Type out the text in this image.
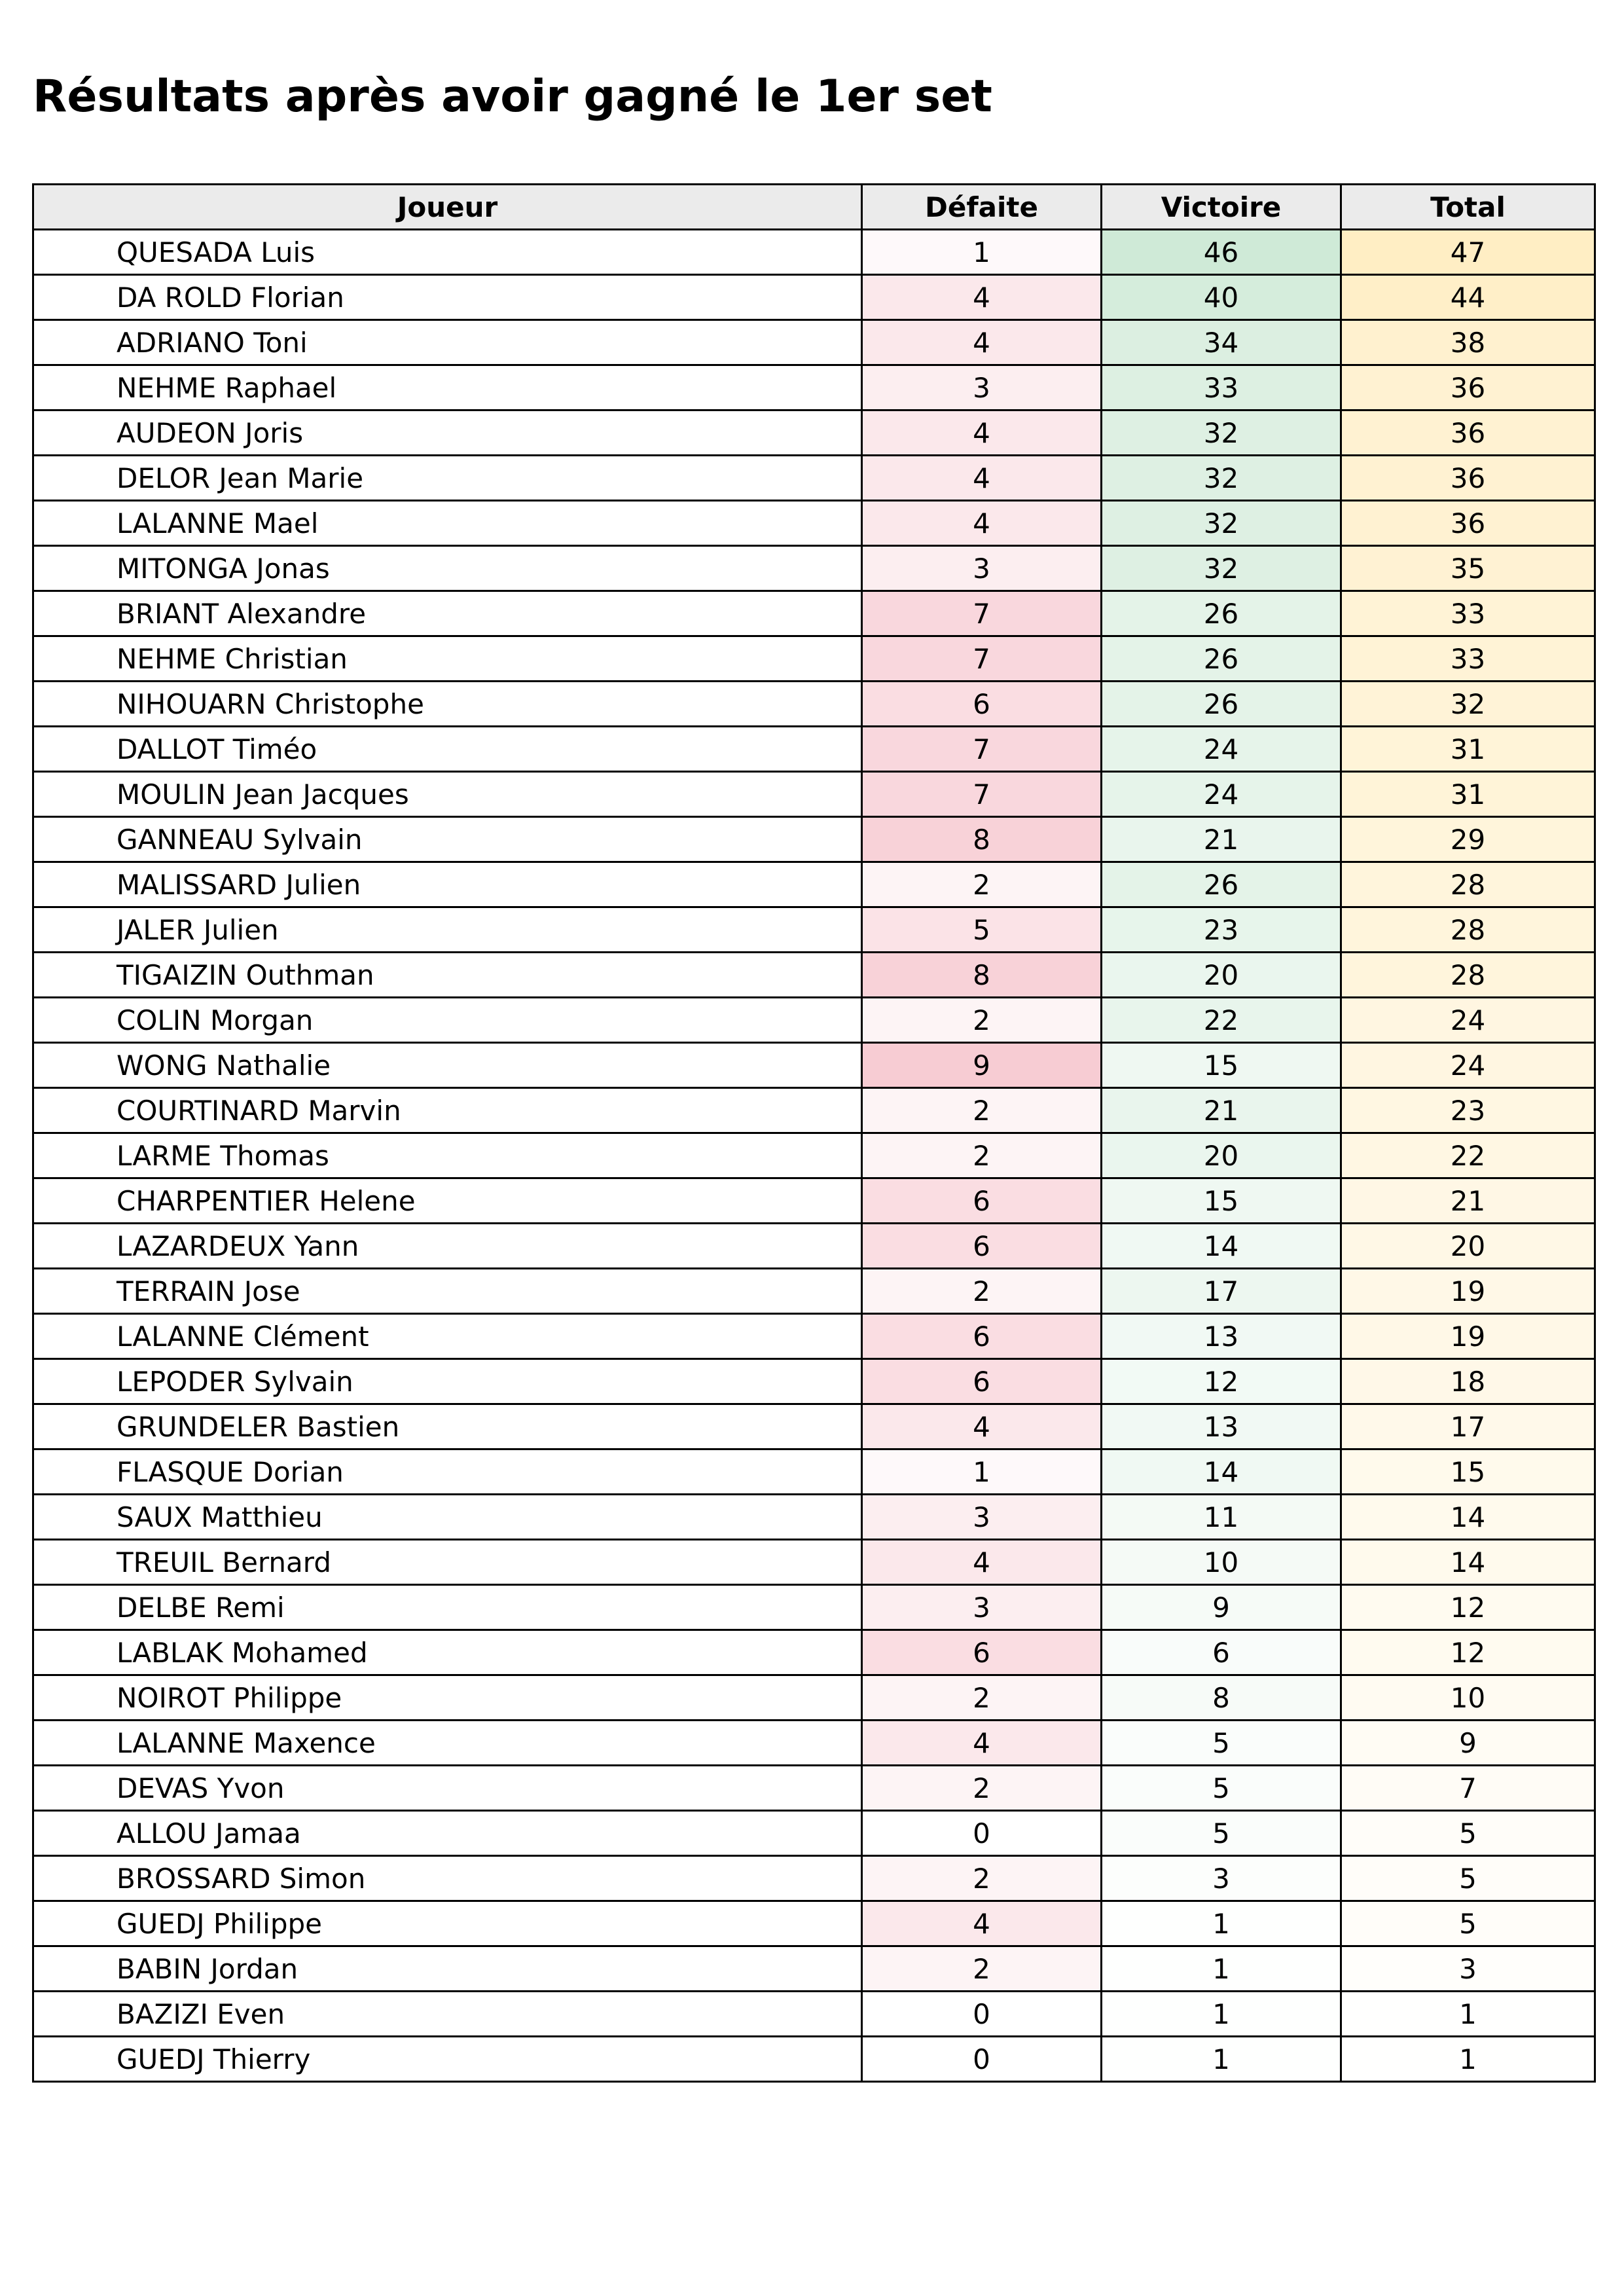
Résultats après avoir gagné le 1er set
Joueur	Défaite	Victoire	Total
QUESADA Luis	1	46	47
DA ROLD Florian	4	40	44
ADRIANO Toni	4	34	38
NEHME Raphael	3	33	36
AUDEON Joris	4	32	36
DELOR Jean Marie	4	32	36
LALANNE Mael	4	32	36
MITONGA Jonas	3	32	35
BRIANT Alexandre	7	26	33
NEHME Christian	7	26	33
NIHOUARN Christophe	6	26	32
DALLOT Timéo	7	24	31
MOULIN Jean Jacques	7	24	31
GANNEAU Sylvain	8	21	29
MALISSARD Julien	2	26	28
JALER Julien	5	23	28
TIGAIZIN Outhman	8	20	28
COLIN Morgan	2	22	24
WONG Nathalie	9	15	24
COURTINARD Marvin	2	21	23
LARME Thomas	2	20	22
CHARPENTIER Helene	6	15	21
LAZARDEUX Yann	6	14	20
TERRAIN Jose	2	17	19
LALANNE Clément	6	13	19
LEPODER Sylvain	6	12	18
GRUNDELER Bastien	4	13	17
FLASQUE Dorian	1	14	15
SAUX Matthieu	3	11	14
TREUIL Bernard	4	10	14
DELBE Remi	3	9	12
LABLAK Mohamed	6	6	12
NOIROT Philippe	2	8	10
LALANNE Maxence	4	5	9
DEVAS Yvon	2	5	7
ALLOU Jamaa	0	5	5
BROSSARD Simon	2	3	5
GUEDJ Philippe	4	1	5
BABIN Jordan	2	1	3
BAZIZI Even	0	1	1
GUEDJ Thierry	0	1	1
